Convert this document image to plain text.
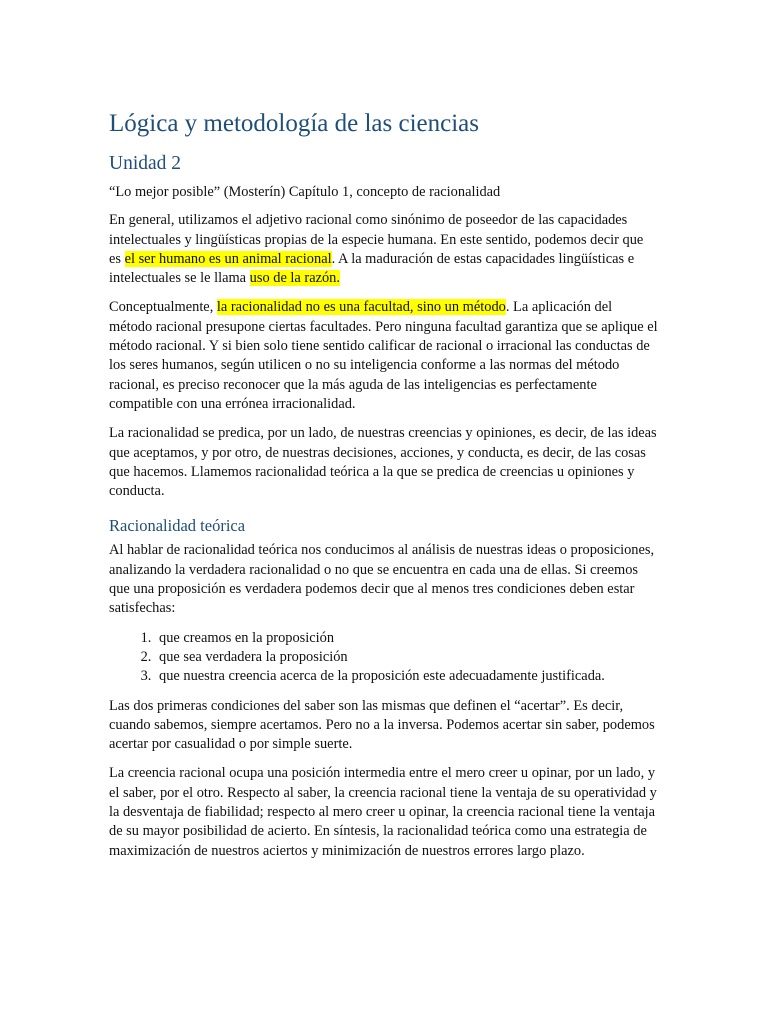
Lógica y metodología de las ciencias
Unidad 2

“Lo mejor posible” (Mosterín) Capítulo 1, concepto de racionalidad

En general, utilizamos el adjetivo racional como sinónimo de poseedor de las capacidades intelectuales y lingüísticas propias de la especie humana. En este sentido, podemos decir que es el ser humano es un animal racional. A la maduración de estas capacidades lingüísticas e intelectuales se le llama uso de la razón.

Conceptualmente, la racionalidad no es una facultad, sino un método. La aplicación del método racional presupone ciertas facultades. Pero ninguna facultad garantiza que se aplique el método racional. Y si bien solo tiene sentido calificar de racional o irracional las conductas de los seres humanos, según utilicen o no su inteligencia conforme a las normas del método racional, es preciso reconocer que la más aguda de las inteligencias es perfectamente compatible con una errónea irracionalidad.

La racionalidad se predica, por un lado, de nuestras creencias y opiniones, es decir, de las ideas que aceptamos, y por otro, de nuestras decisiones, acciones, y conducta, es decir, de las cosas que hacemos. Llamemos racionalidad teórica a la que se predica de creencias u opiniones y conducta.

Racionalidad teórica

Al hablar de racionalidad teórica nos conducimos al análisis de nuestras ideas o proposiciones, analizando la verdadera racionalidad o no que se encuentra en cada una de ellas. Si creemos que una proposición es verdadera podemos decir que al menos tres condiciones deben estar satisfechas:

1. que creamos en la proposición
2. que sea verdadera la proposición
3. que nuestra creencia acerca de la proposición este adecuadamente justificada.

Las dos primeras condiciones del saber son las mismas que definen el “acertar”. Es decir, cuando sabemos, siempre acertamos. Pero no a la inversa. Podemos acertar sin saber, podemos acertar por casualidad o por simple suerte.

La creencia racional ocupa una posición intermedia entre el mero creer u opinar, por un lado, y el saber, por el otro. Respecto al saber, la creencia racional tiene la ventaja de su operatividad y la desventaja de fiabilidad; respecto al mero creer u opinar, la creencia racional tiene la ventaja de su mayor posibilidad de acierto. En síntesis, la racionalidad teórica como una estrategia de maximización de nuestros aciertos y minimización de nuestros errores largo plazo.
